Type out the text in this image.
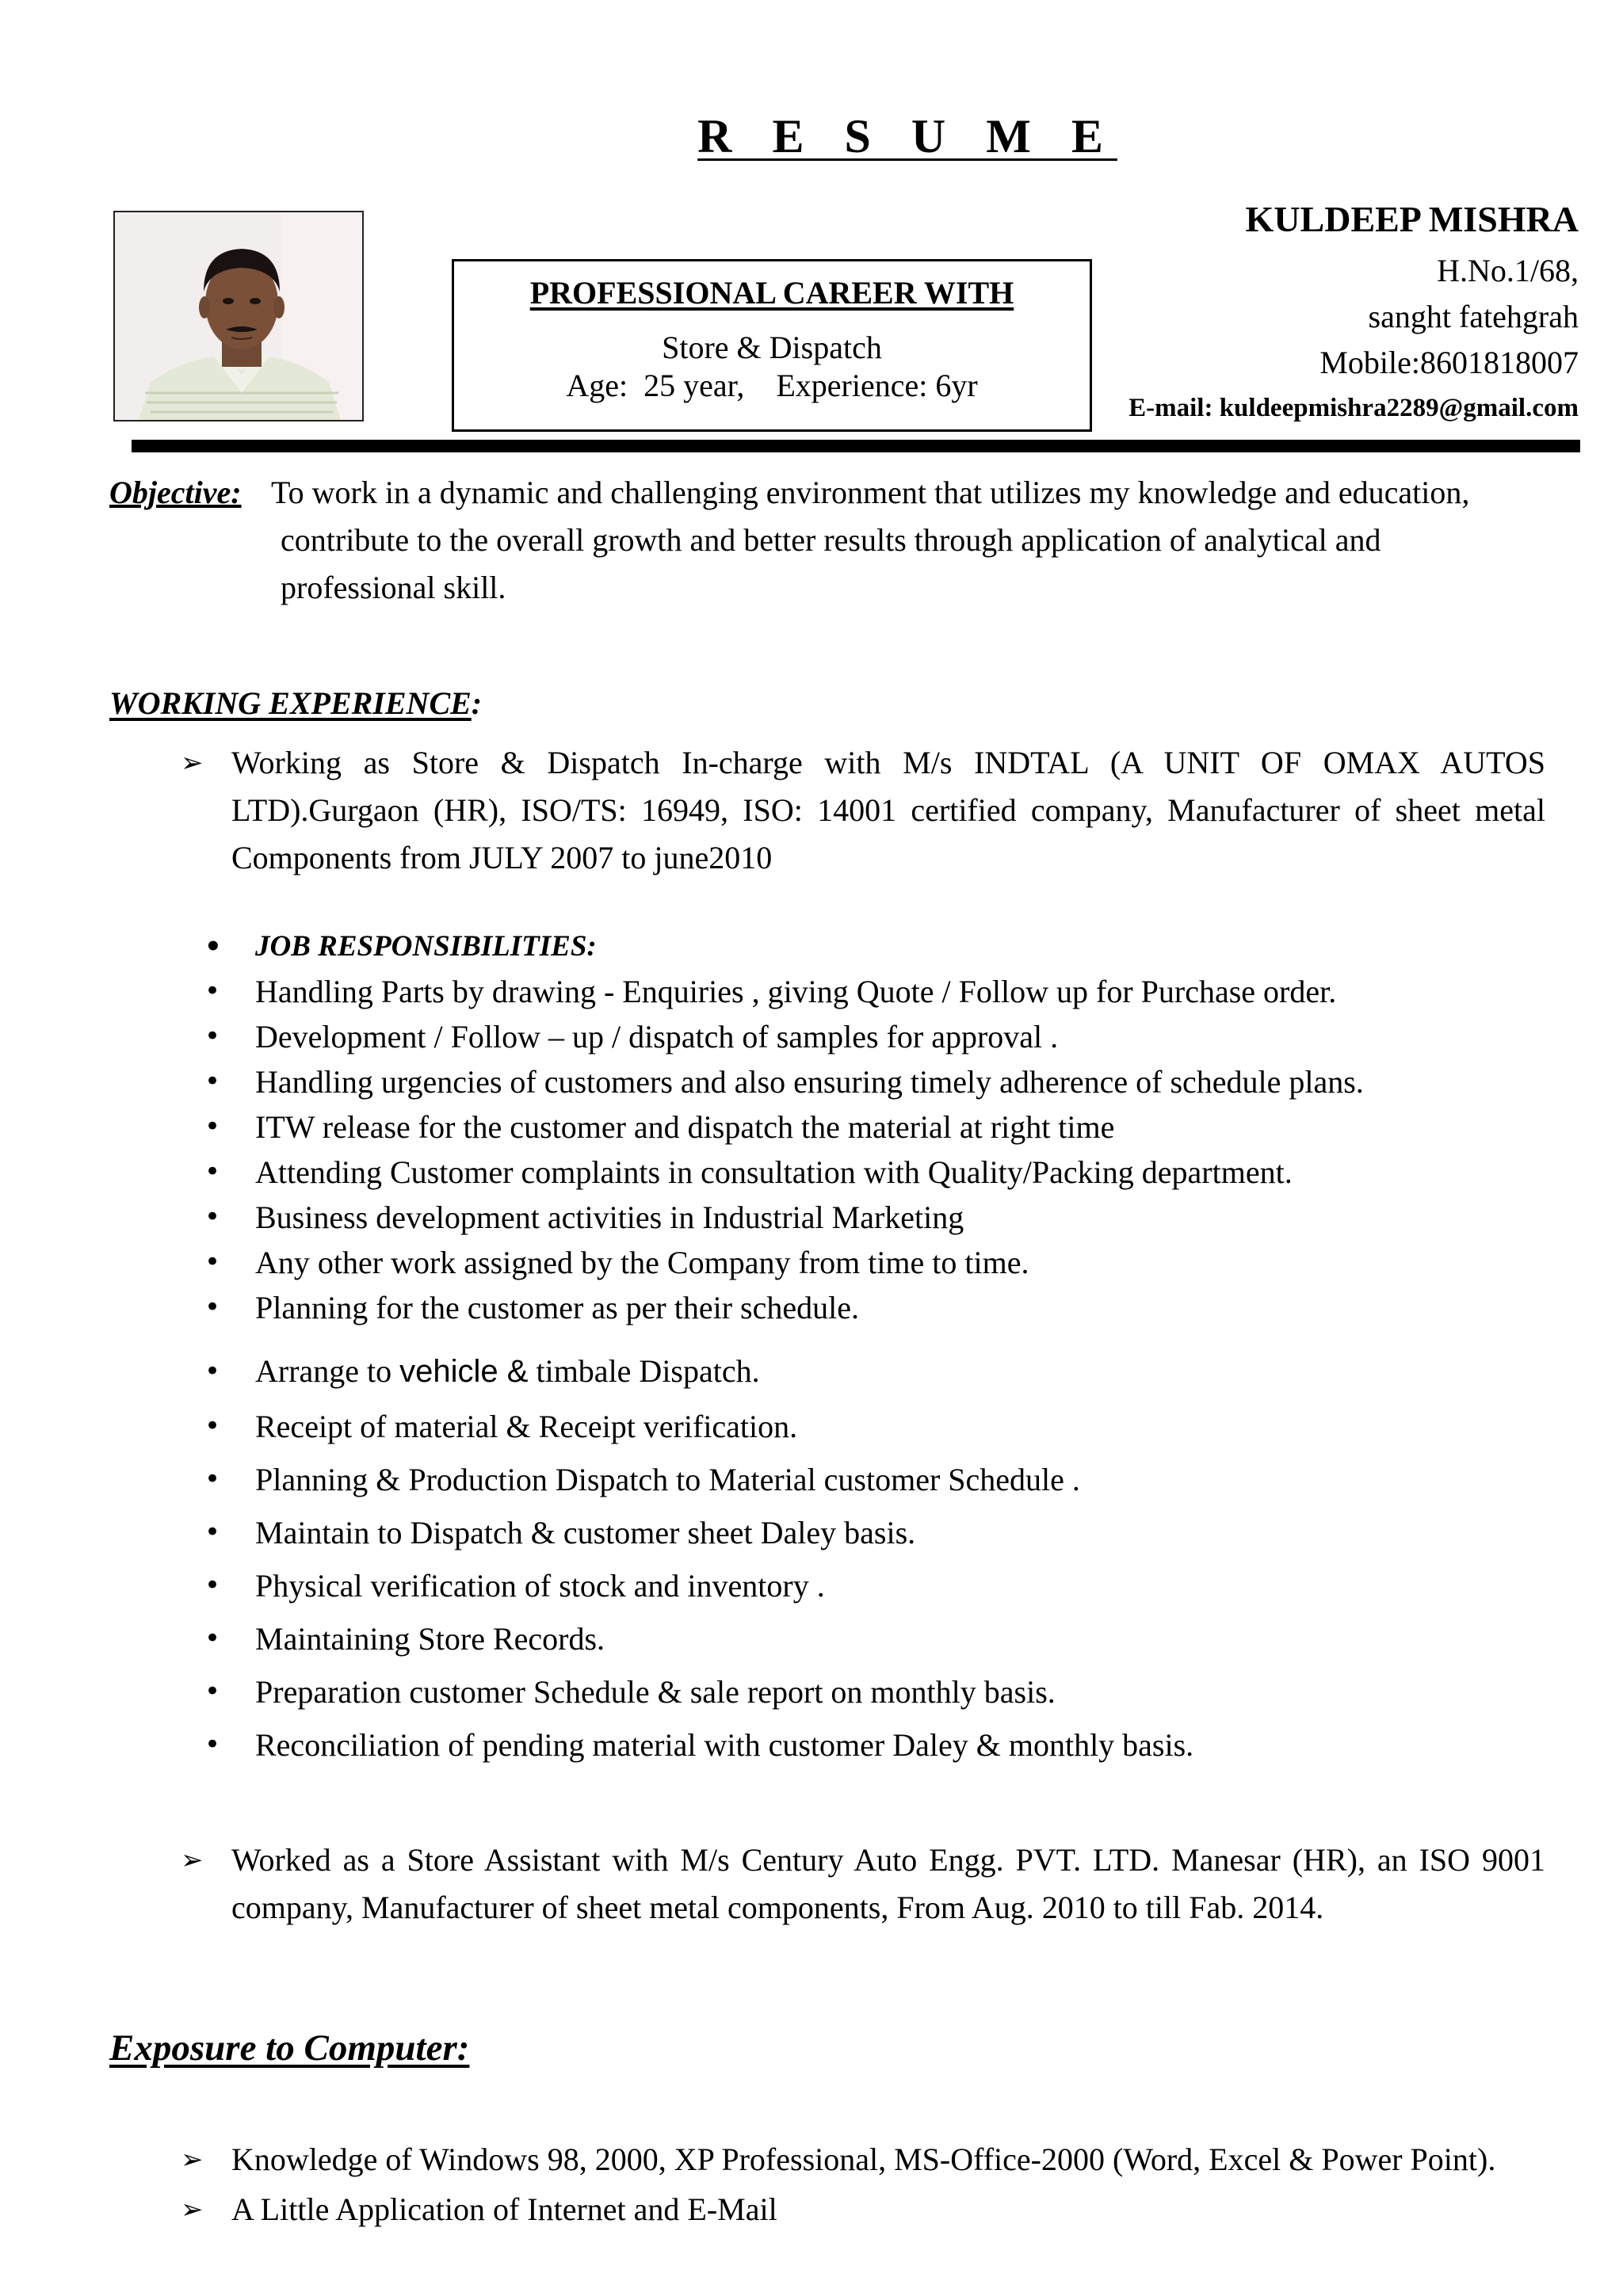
R E S U M E
PROFESSIONAL CAREER WITH
Store & Dispatch
Age:  25 year,    Experience: 6yr
KULDEEP MISHRA
H.No.1/68,
sanght fatehgrah
Mobile:8601818007
E-mail: kuldeepmishra2289@gmail.com
Objective: To work in a dynamic and challenging environment that utilizes my knowledge and education,
contribute to the overall growth and better results through application of analytical and
professional skill.
WORKING EXPERIENCE:
➢ Working as Store & Dispatch In-charge with M/s INDTAL (A UNIT OF OMAX AUTOS LTD).Gurgaon (HR), ISO/TS: 16949, ISO: 14001 certified company, Manufacturer of sheet metal Components from JULY 2007 to june2010
• JOB RESPONSIBILITIES:
• Handling Parts by drawing - Enquiries , giving Quote / Follow up for Purchase order.
• Development / Follow – up / dispatch of samples for approval .
• Handling urgencies of customers and also ensuring timely adherence of schedule plans.
• ITW release for the customer and dispatch the material at right time
• Attending Customer complaints in consultation with Quality/Packing department.
• Business development activities in Industrial Marketing
• Any other work assigned by the Company from time to time.
• Planning for the customer as per their schedule.
• Arrange to vehicle & timbale Dispatch.
• Receipt of material & Receipt verification.
• Planning & Production Dispatch to Material customer Schedule .
• Maintain to Dispatch & customer sheet Daley basis.
• Physical verification of stock and inventory .
• Maintaining Store Records.
• Preparation customer Schedule & sale report on monthly basis.
• Reconciliation of pending material with customer Daley & monthly basis.
➢ Worked as a Store Assistant with M/s Century Auto Engg. PVT. LTD. Manesar (HR), an ISO 9001 company, Manufacturer of sheet metal components, From Aug. 2010 to till Fab. 2014.
Exposure to Computer:
➢ Knowledge of Windows 98, 2000, XP Professional, MS-Office-2000 (Word, Excel & Power Point).
➢ A Little Application of Internet and E-Mail
